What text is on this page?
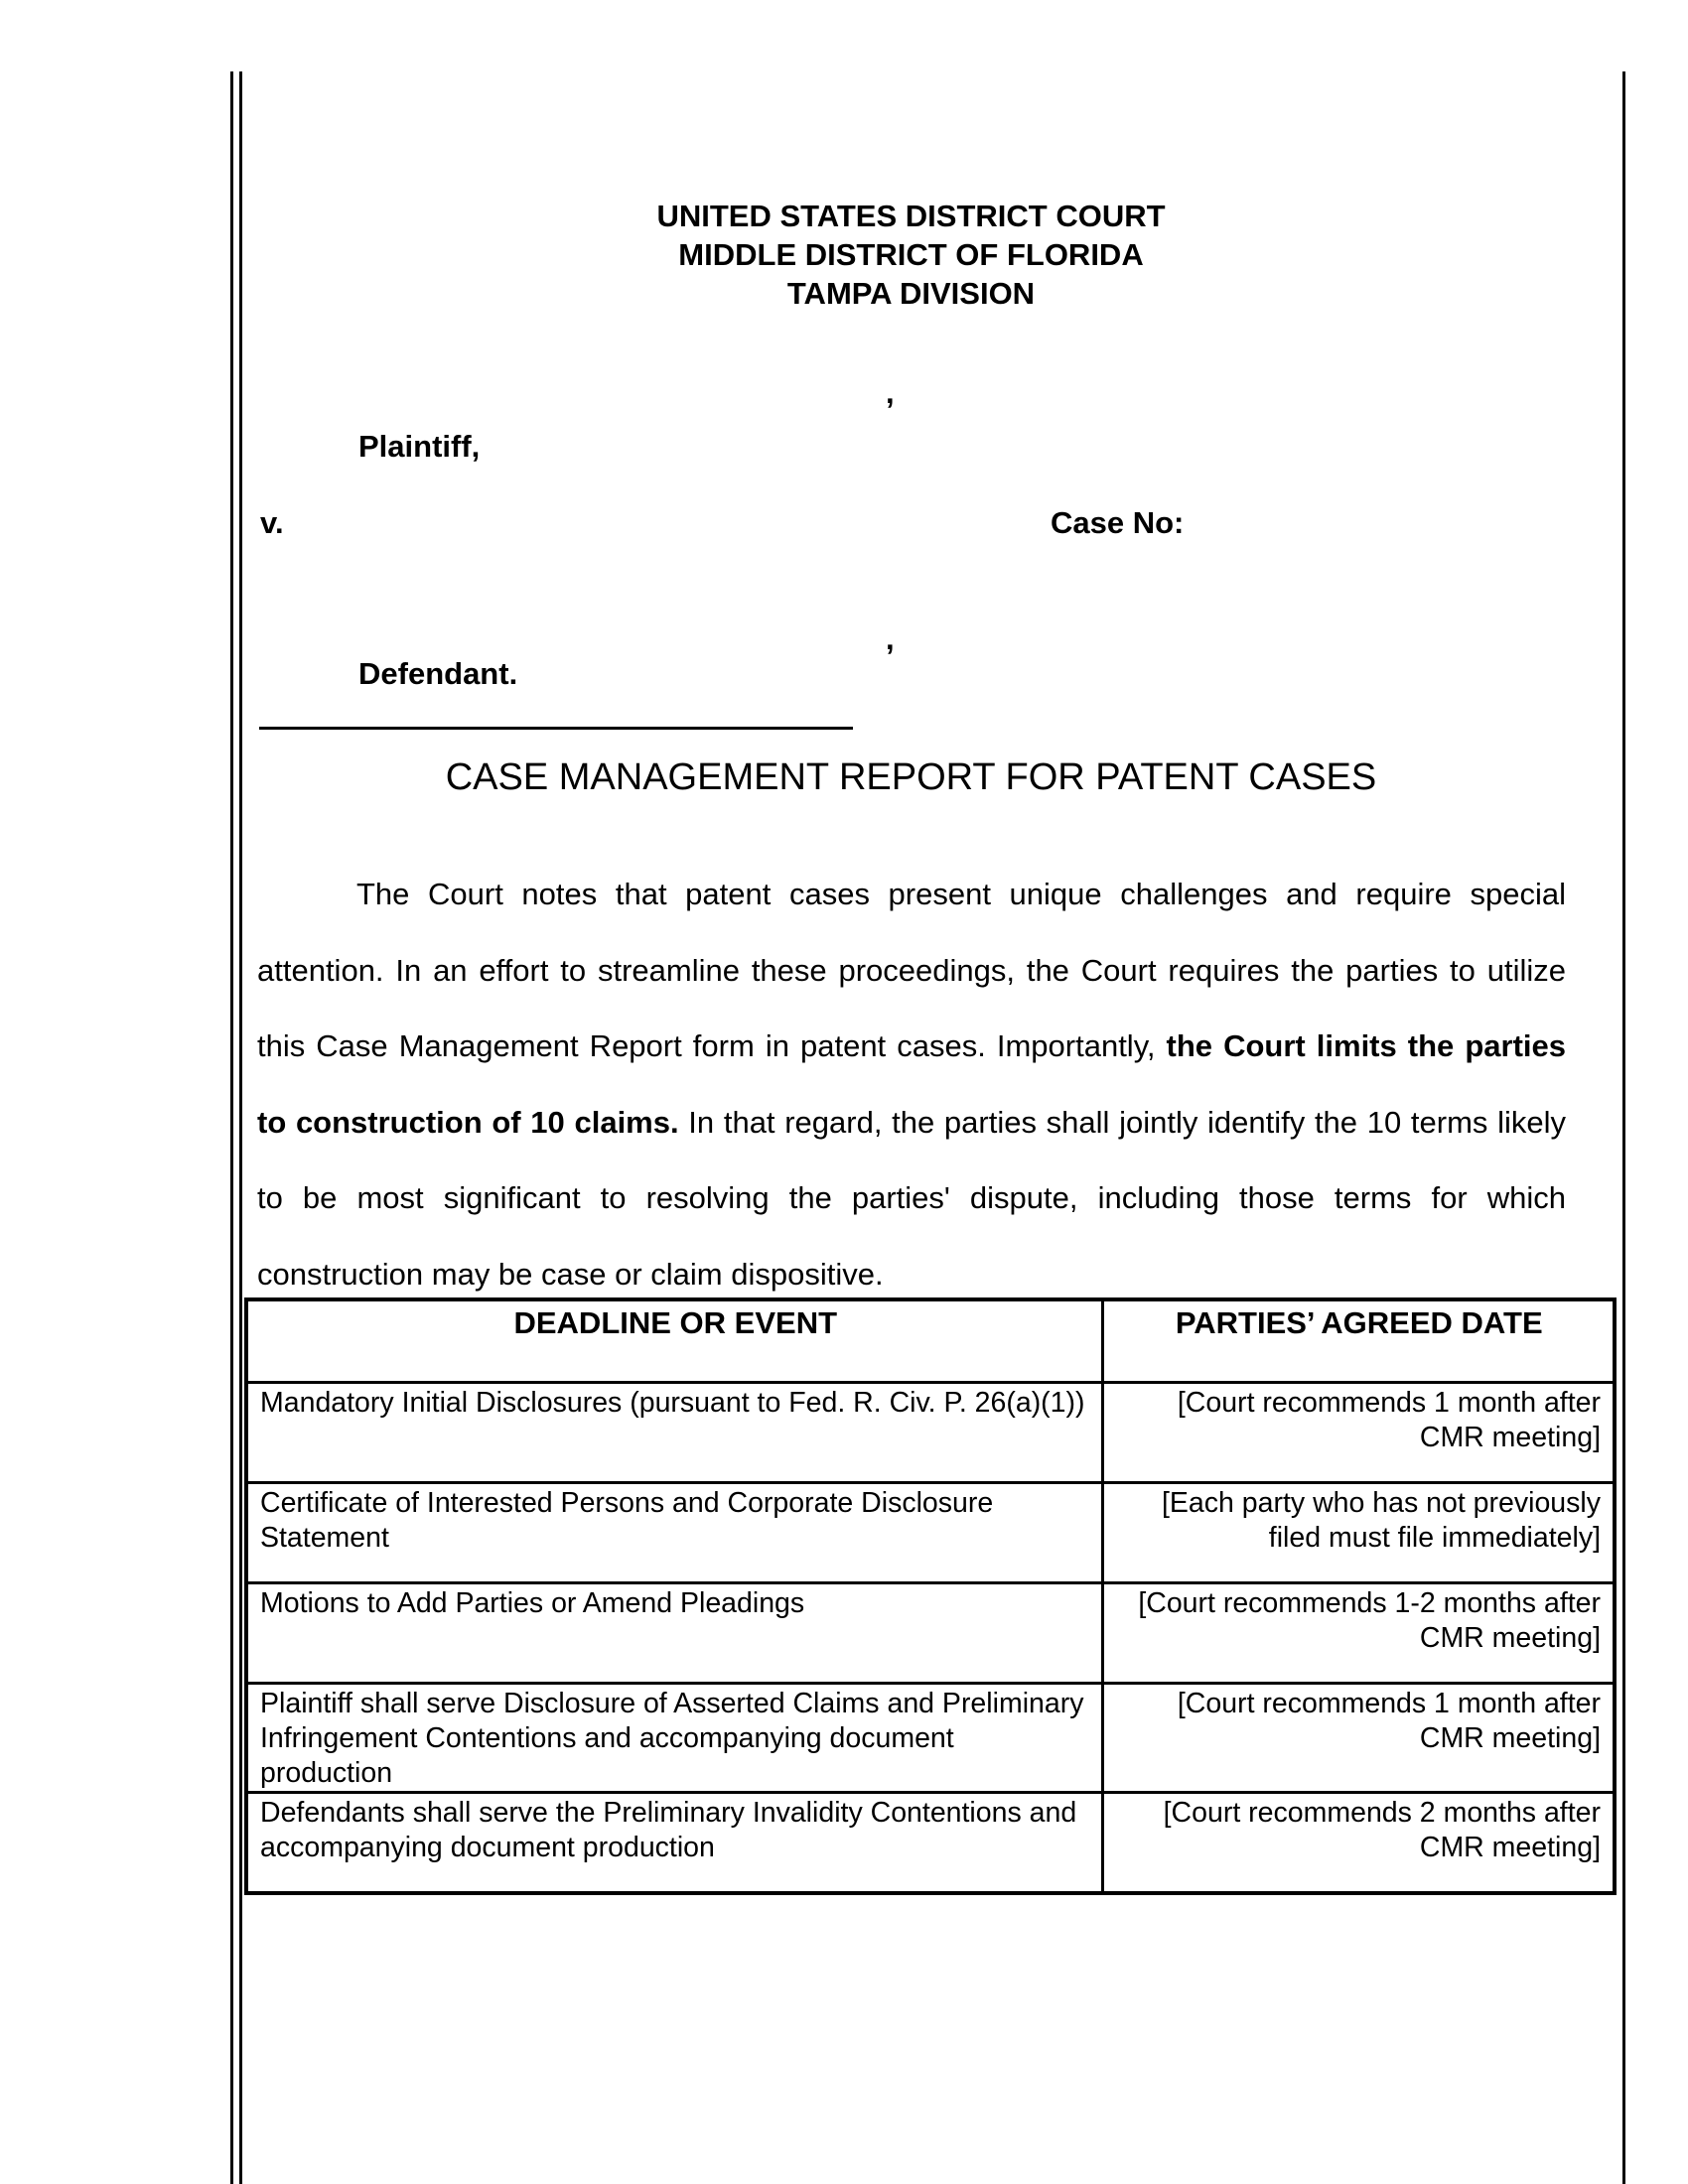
UNITED STATES DISTRICT COURT
MIDDLE DISTRICT OF FLORIDA
TAMPA DIVISION
,
Plaintiff,
v.	Case No:
,
Defendant.
CASE MANAGEMENT REPORT FOR PATENT CASES

The Court notes that patent cases present unique challenges and require special attention. In an effort to streamline these proceedings, the Court requires the parties to utilize this Case Management Report form in patent cases. Importantly, the Court limits the parties to construction of 10 claims. In that regard, the parties shall jointly identify the 10 terms likely to be most significant to resolving the parties' dispute, including those terms for which construction may be case or claim dispositive.

DEADLINE OR EVENT	PARTIES’ AGREED DATE
Mandatory Initial Disclosures (pursuant to Fed. R. Civ. P. 26(a)(1))	[Court recommends 1 month after CMR meeting]
Certificate of Interested Persons and Corporate Disclosure Statement	[Each party who has not previously filed must file immediately]
Motions to Add Parties or Amend Pleadings	[Court recommends 1-2 months after CMR meeting]
Plaintiff shall serve Disclosure of Asserted Claims and Preliminary Infringement Contentions and accompanying document production	[Court recommends 1 month after CMR meeting]
Defendants shall serve the Preliminary Invalidity Contentions and accompanying document production	[Court recommends 2 months after CMR meeting]
